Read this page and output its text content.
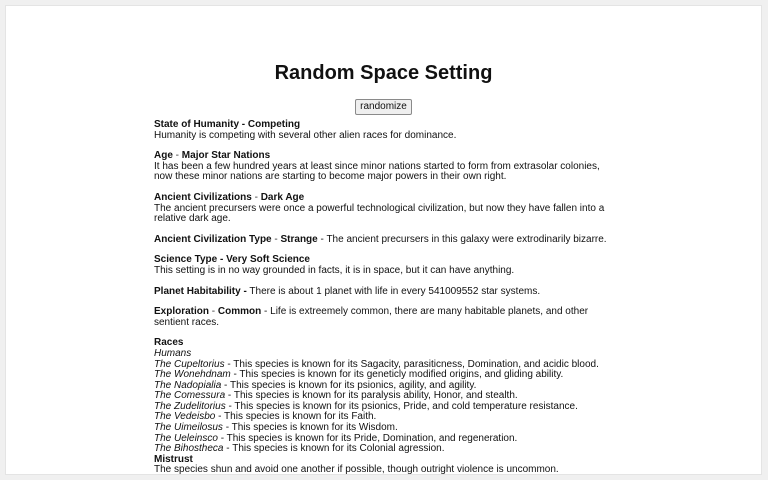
Random Space Setting
randomize
State of Humanity - Competing
Humanity is competing with several other alien races for dominance.
Age - Major Star Nations
It has been a few hundred years at least since minor nations started to form from extrasolar colonies, now these minor nations are starting to become major powers in their own right.
Ancient Civilizations - Dark Age
The ancient precursers were once a powerful technological civilization, but now they have fallen into a relative dark age.
Ancient Civilization Type - Strange - The ancient precursers in this galaxy were extrodinarily bizarre.
Science Type - Very Soft Science
This setting is in no way grounded in facts, it is in space, but it can have anything.
Planet Habitability - There is about 1 planet with life in every 541009552 star systems.
Exploration - Common - Life is extreemely common, there are many habitable planets, and other sentient races.
Races
Humans
The Cupeltorius - This species is known for its Sagacity, parasiticness, Domination, and acidic blood.
The Wonehdnam - This species is known for its geneticly modified origins, and gliding ability.
The Nadopialia - This species is known for its psionics, agility, and agility.
The Comessura - This species is known for its paralysis ability, Honor, and stealth.
The Zudelitorius - This species is known for its psionics, Pride, and cold temperature resistance.
The Vedeisbo - This species is known for its Faith.
The Uimeilosus - This species is known for its Wisdom.
The Ueleinsco - This species is known for its Pride, Domination, and regeneration.
The Bihostheca - This species is known for its Colonial agression.
Mistrust
The species shun and avoid one another if possible, though outright violence is uncommon.
